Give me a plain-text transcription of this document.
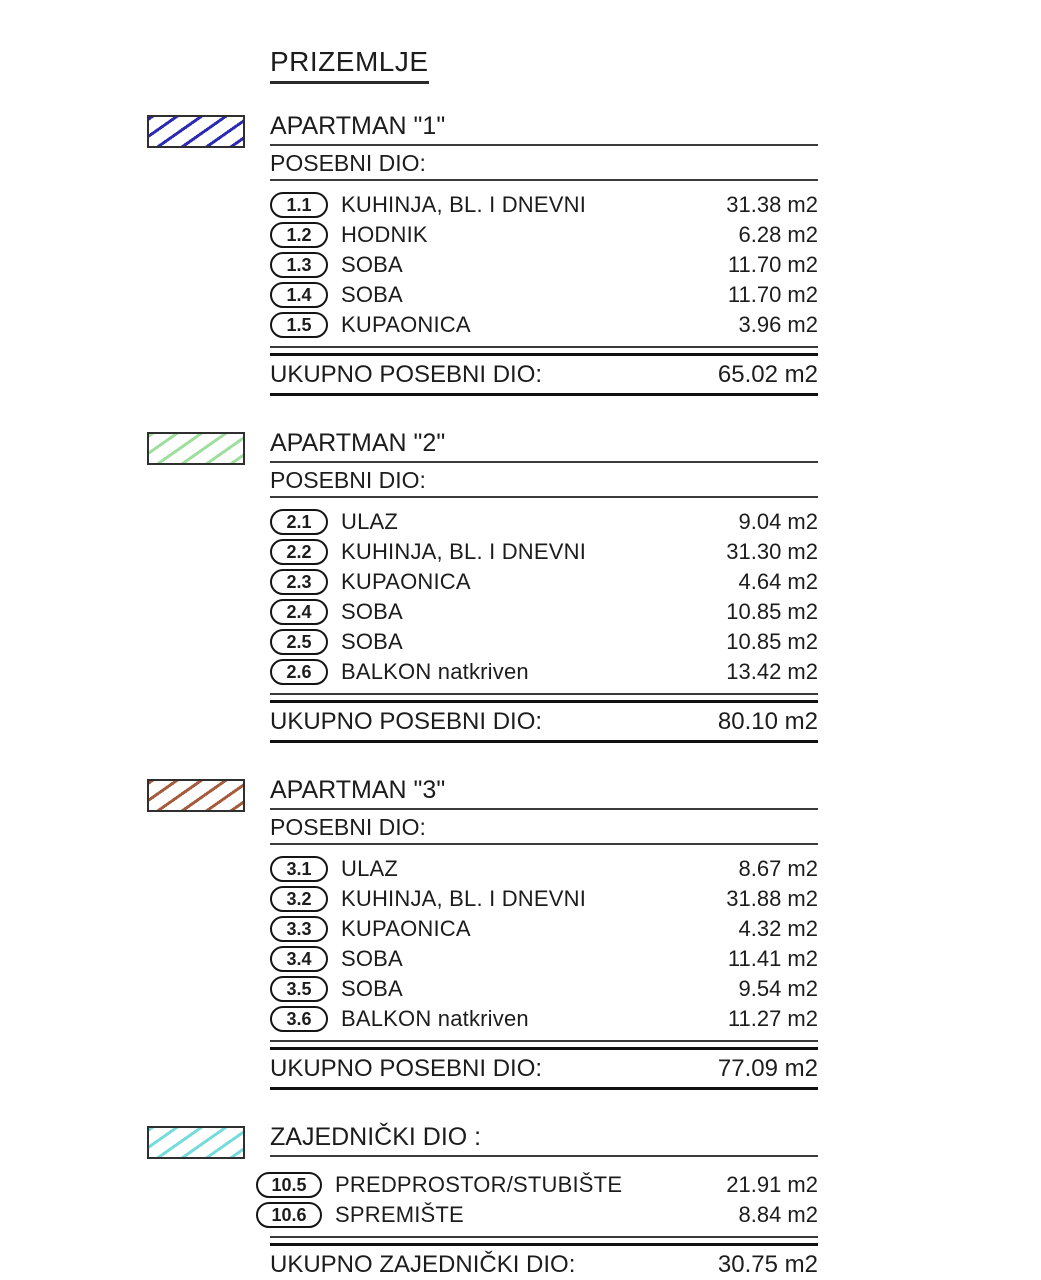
PRIZEMLJE
APARTMAN "1"
POSEBNI DIO:
1.1	KUHINJA, BL. I DNEVNI	31.38 m2
1.2	HODNIK	6.28 m2
1.3	SOBA	11.70 m2
1.4	SOBA	11.70 m2
1.5	KUPAONICA	3.96 m2
UKUPNO POSEBNI DIO:	65.02 m2
APARTMAN "2"
POSEBNI DIO:
2.1	ULAZ	9.04 m2
2.2	KUHINJA, BL. I DNEVNI	31.30 m2
2.3	KUPAONICA	4.64 m2
2.4	SOBA	10.85 m2
2.5	SOBA	10.85 m2
2.6	BALKON natkriven	13.42 m2
UKUPNO POSEBNI DIO:	80.10 m2
APARTMAN "3"
POSEBNI DIO:
3.1	ULAZ	8.67 m2
3.2	KUHINJA, BL. I DNEVNI	31.88 m2
3.3	KUPAONICA	4.32 m2
3.4	SOBA	11.41 m2
3.5	SOBA	9.54 m2
3.6	BALKON natkriven	11.27 m2
UKUPNO POSEBNI DIO:	77.09 m2
ZAJEDNIČKI DIO :
10.5	PREDPROSTOR/STUBIŠTE	21.91 m2
10.6	SPREMIŠTE	8.84 m2
UKUPNO ZAJEDNIČKI DIO:	30.75 m2
